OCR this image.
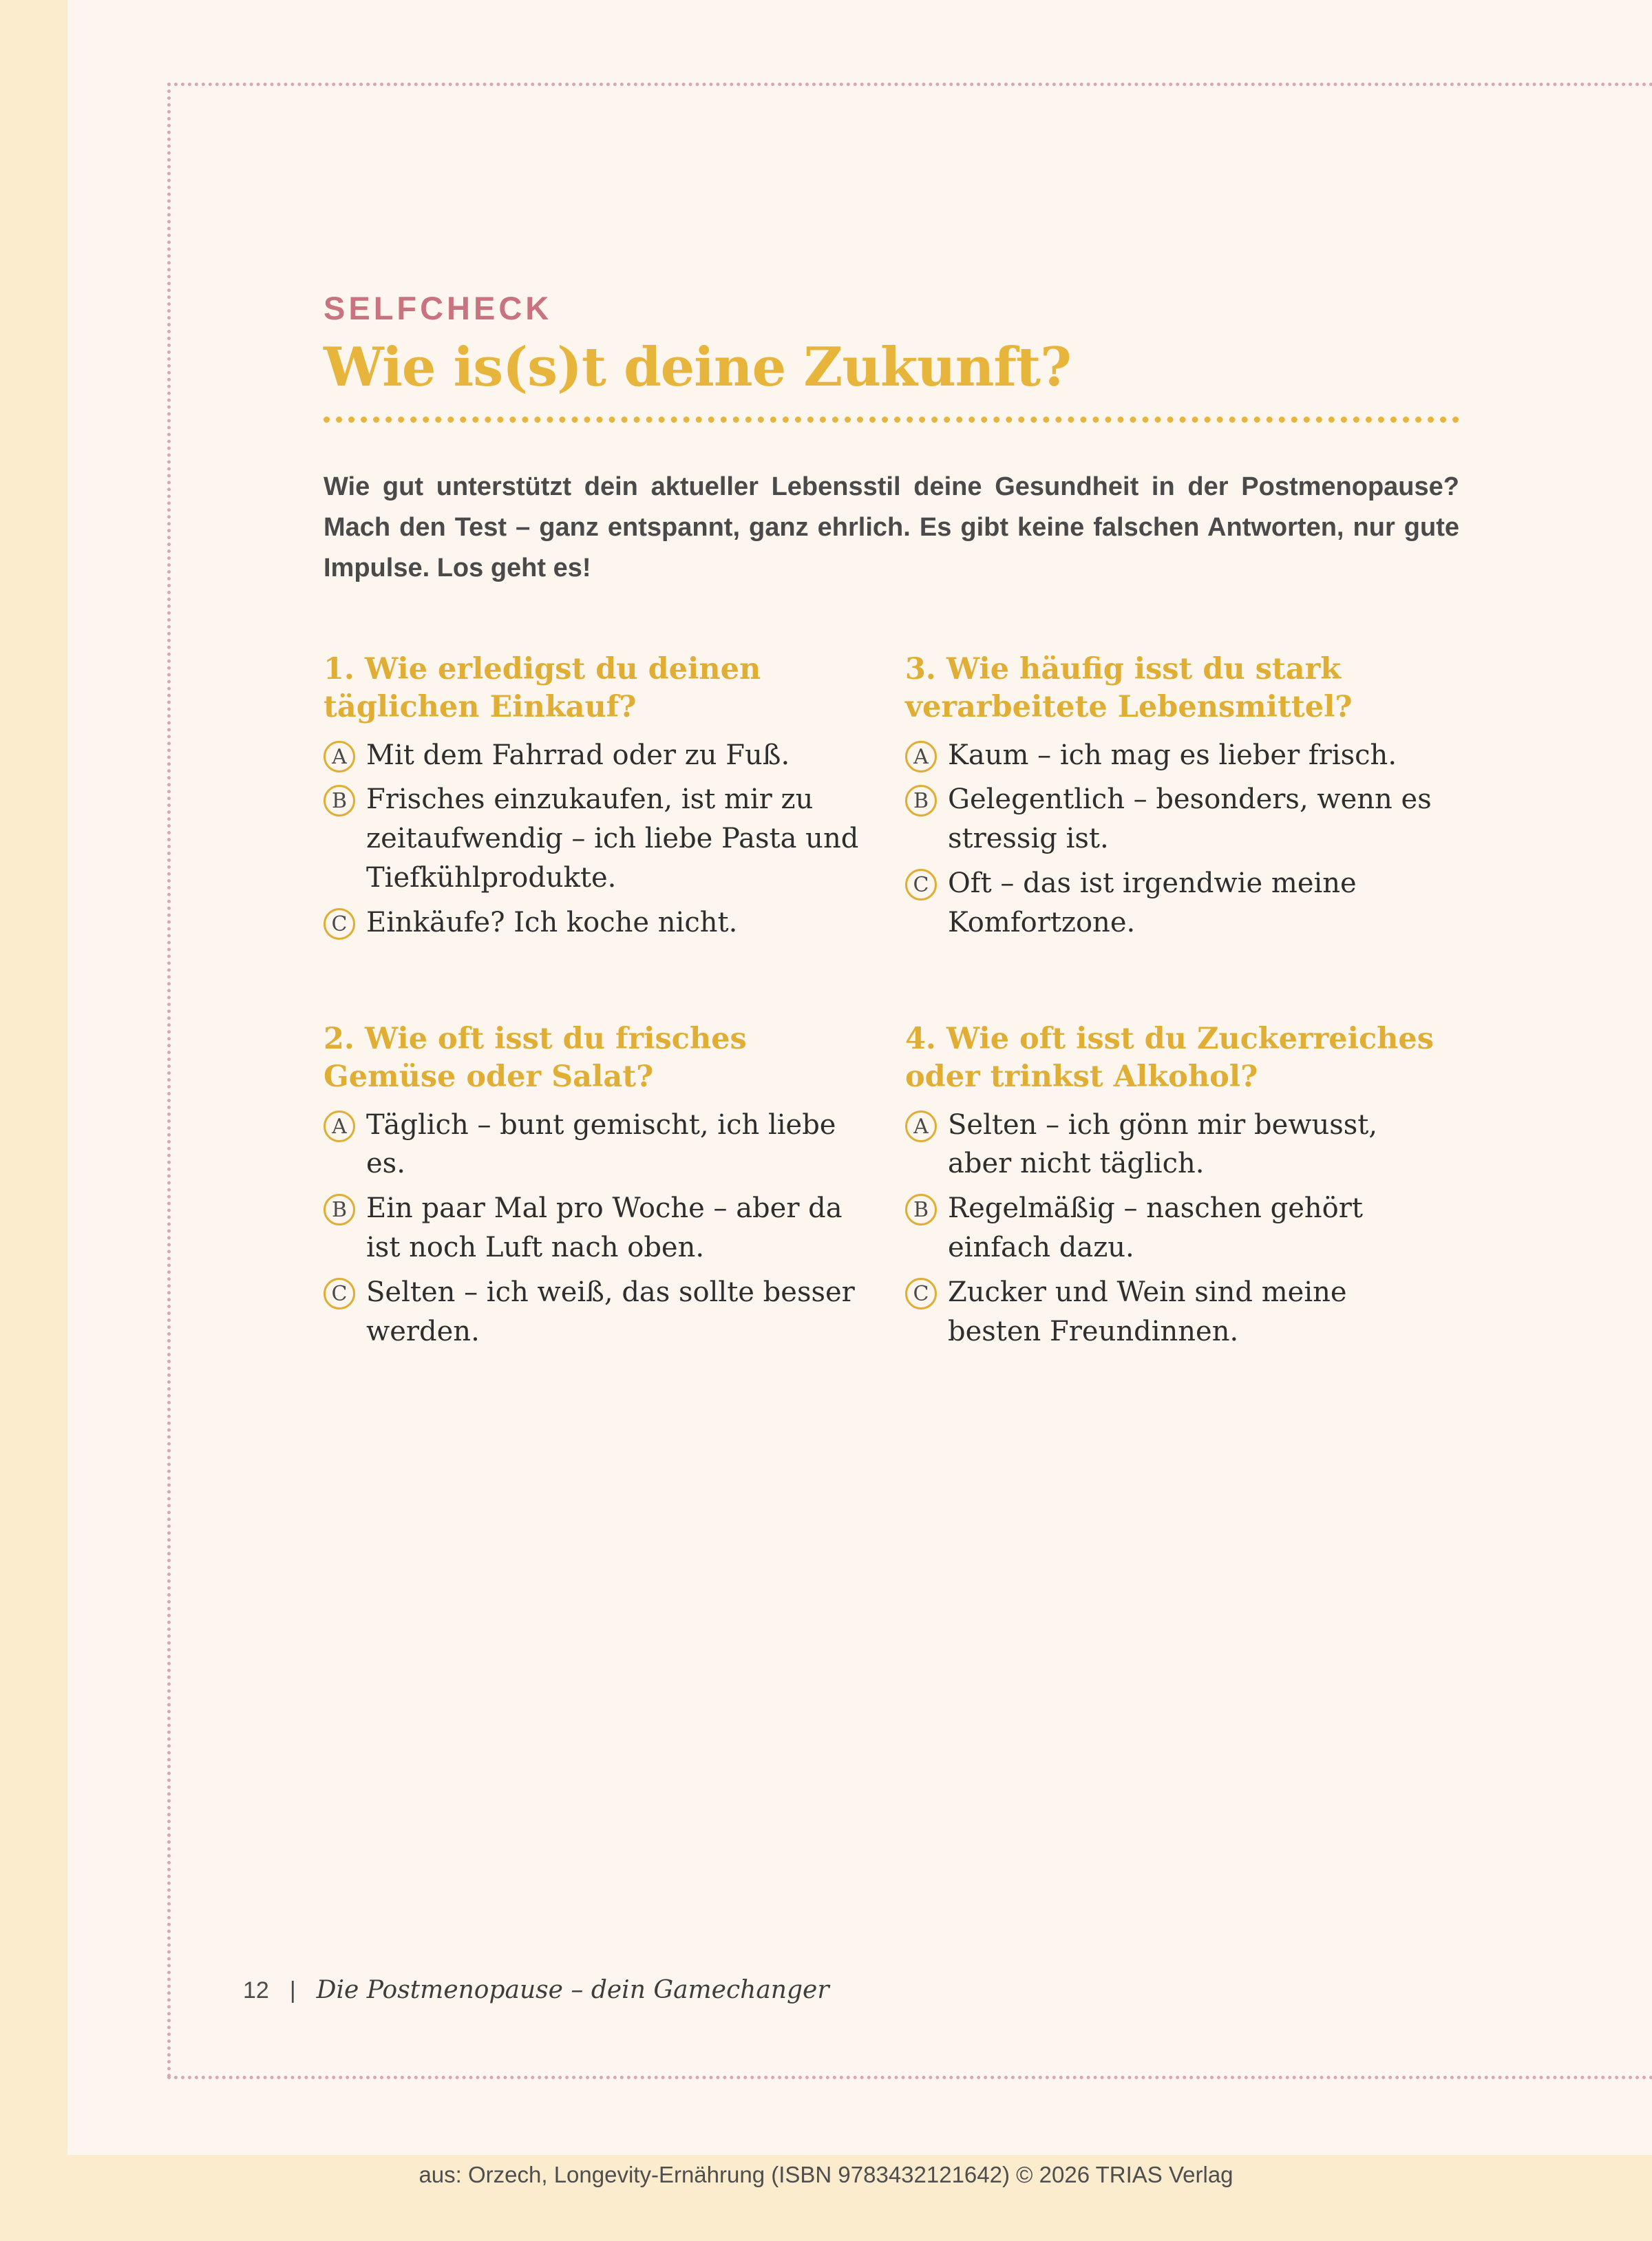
SELFCHECK
Wie is(s)t deine Zukunft?

Wie gut unterstützt dein aktueller Lebensstil deine Gesundheit in der Postmenopause? Mach den Test – ganz entspannt, ganz ehrlich. Es gibt keine falschen Antworten, nur gute Impulse. Los geht es!

1. Wie erledigst du deinen täglichen Einkauf?
A Mit dem Fahrrad oder zu Fuß.
B Frisches einzukaufen, ist mir zu zeitaufwendig – ich liebe Pasta und Tiefkühlprodukte.
C Einkäufe? Ich koche nicht.
3. Wie häufig isst du stark verarbeitete Lebensmittel?
A Kaum – ich mag es lieber frisch.
B Gelegentlich – besonders, wenn es stressig ist.
C Oft – das ist irgendwie meine Komfortzone.
2. Wie oft isst du frisches Gemüse oder Salat?
A Täglich – bunt gemischt, ich liebe es.
B Ein paar Mal pro Woche – aber da ist noch Luft nach oben.
C Selten – ich weiß, das sollte besser werden.
4. Wie oft isst du Zuckerreiches oder trinkst Alkohol?
A Selten – ich gönn mir bewusst, aber nicht täglich.
B Regelmäßig – naschen gehört einfach dazu.
C Zucker und Wein sind meine besten Freundinnen.
12 | Die Postmenopause – dein Gamechanger
aus: Orzech, Longevity-Ernährung (ISBN 9783432121642) © 2026 TRIAS Verlag
